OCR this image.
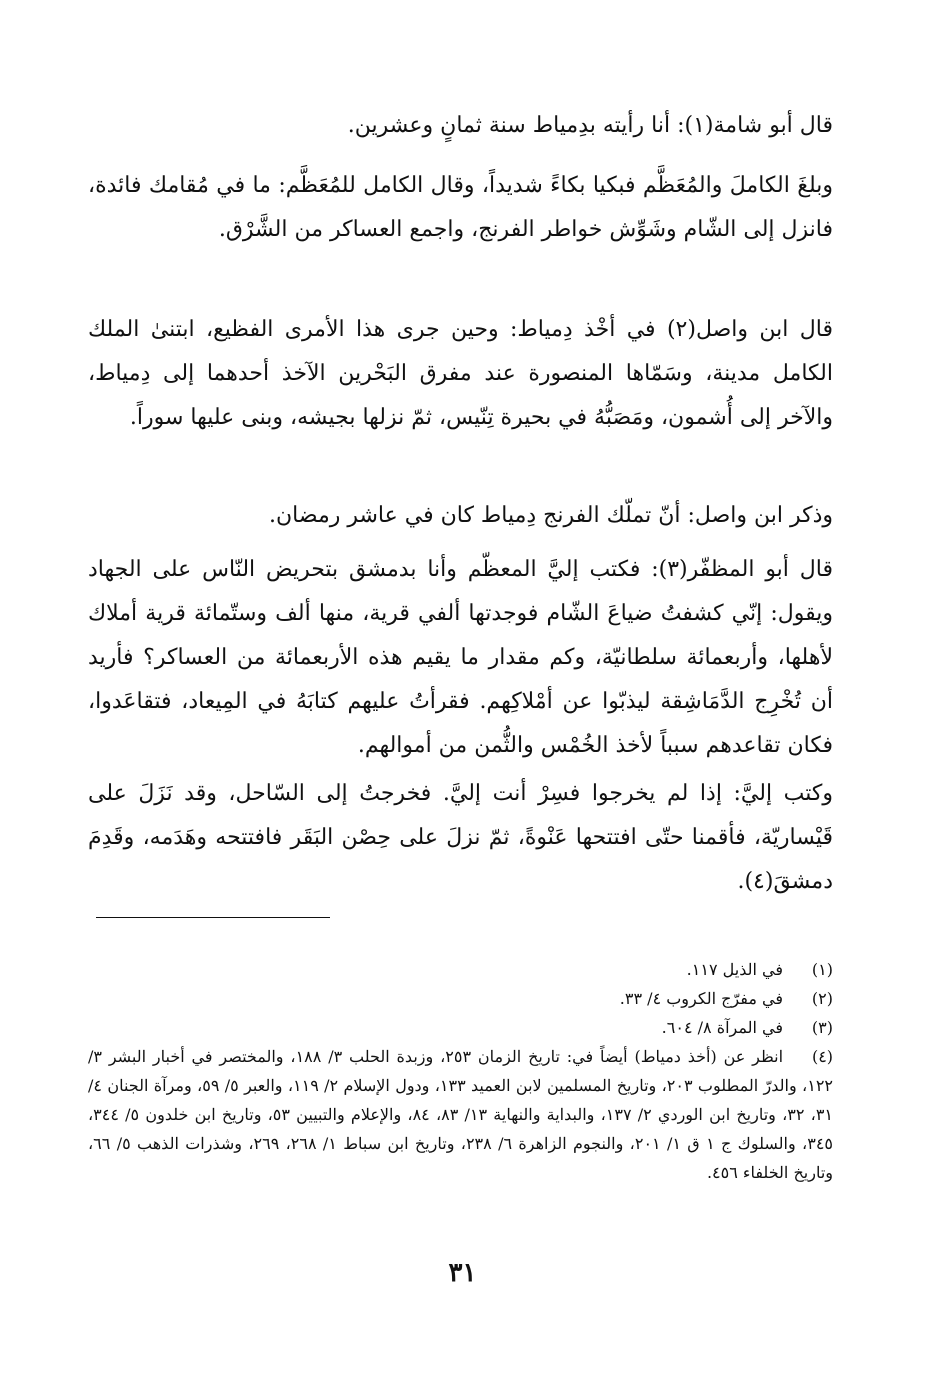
قال أبو شامة(١): أنا رأيته بدِمياط سنة ثمانٍ وعشرين.

وبلغَ الكاملَ والمُعَظَّم فبكيا بكاءً شديداً، وقال الكامل للمُعَظَّم: ما في مُقامك فائدة، فانزل إلى الشّام وشَوِّش خواطر الفرنج، واجمع العساكر من الشَّرْق.

قال ابن واصل(٢) في أخْذ دِمياط: وحين جرى هذا الأمرى الفظيع، ابتنىٰ الملك الكامل مدينة، وسَمّاها المنصورة عند مفرق البَحْرين الآخذ أحدهما إلى دِمياط، والآخر إلى أُشمون، ومَصَبُّهُ في بحيرة تِنّيس، ثمّ نزلها بجيشه، وبنى عليها سوراً.

وذكر ابن واصل: أنّ تملّك الفرنج دِمياط كان في عاشر رمضان.

قال أبو المظفّر(٣): فكتب إليَّ المعظّم وأنا بدمشق بتحريض النّاس على الجهاد ويقول: إنّي كشفتُ ضياعَ الشّام فوجدتها ألفي قرية، منها ألف وستّمائة قرية أملاك لأهلها، وأربعمائة سلطانيّة، وكم مقدار ما يقيم هذه الأربعمائة من العساكر؟ فأريد أن تُخْرِج الدَّمَاشِقة ليذبّوا عن أمْلاكِهم. فقرأتُ عليهم كتابَهُ في المِيعاد، فتقاعَدوا، فكان تقاعدهم سبباً لأخذ الخُمْس والثُّمن من أموالهم.

وكتب إليَّ: إذا لم يخرجوا فسِرْ أنت إليَّ. فخرجتُ إلى السّاحل، وقد نَزَلَ على قَيْساريّة، فأقمنا حتّى افتتحها عَنْوةً، ثمّ نزلَ على حِصْن البَقَر فافتتحه وهَدَمه، وقَدِمَ دمشقَ(٤).

(١)في الذيل ١١٧.

(٢)في مفرّج الكروب ٤/ ٣٣.

(٣)في المرآة ٨/ ٦٠٤.

(٤)انظر عن (أخذ دمياط) أيضاً في: تاريخ الزمان ٢٥٣، وزبدة الحلب ٣/ ١٨٨، والمختصر في أخبار البشر ٣/ ١٢٢، والدرّ المطلوب ٢٠٣، وتاريخ المسلمين لابن العميد ١٣٣، ودول الإسلام ٢/ ١١٩، والعبر ٥/ ٥٩، ومرآة الجنان ٤/ ٣١، ٣٢، وتاريخ ابن الوردي ٢/ ١٣٧، والبداية والنهاية ١٣/ ٨٣، ٨٤، والإعلام والتبيين ٥٣، وتاريخ ابن خلدون ٥/ ٣٤٤، ٣٤٥، والسلوك ج ١ ق ١/ ٢٠١، والنجوم الزاهرة ٦/ ٢٣٨، وتاريخ ابن سباط ١/ ٢٦٨، ٢٦٩، وشذرات الذهب ٥/ ٦٦، وتاريخ الخلفاء ٤٥٦.

٣١
